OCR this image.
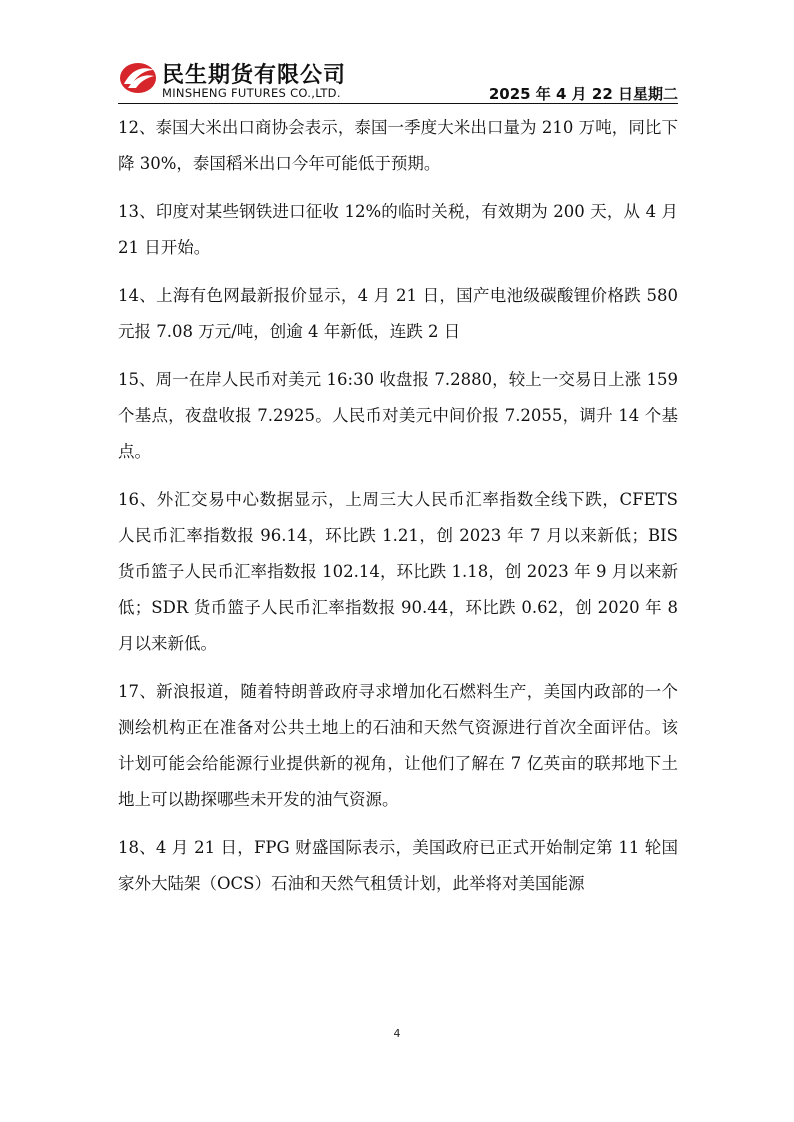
民生期货有限公司
MINSHENG FUTURES CO.,LTD.	2025 年 4 月 22 日星期二

12、泰国大米出口商协会表示，泰国一季度大米出口量为 210 万吨，同比下降 30%，泰国稻米出口今年可能低于预期。

13、印度对某些钢铁进口征收 12%的临时关税，有效期为 200 天，从 4 月 21 日开始。

14、上海有色网最新报价显示，4 月 21 日，国产电池级碳酸锂价格跌 580 元报 7.08 万元/吨，创逾 4 年新低，连跌 2 日

15、周一在岸人民币对美元 16:30 收盘报 7.2880，较上一交易日上涨 159 个基点，夜盘收报 7.2925。人民币对美元中间价报 7.2055，调升 14 个基点。

16、外汇交易中心数据显示，上周三大人民币汇率指数全线下跌，CFETS 人民币汇率指数报 96.14，环比跌 1.21，创 2023 年 7 月以来新低；BIS 货币篮子人民币汇率指数报 102.14，环比跌 1.18，创 2023 年 9 月以来新低；SDR 货币篮子人民币汇率指数报 90.44，环比跌 0.62，创 2020 年 8 月以来新低。

17、新浪报道，随着特朗普政府寻求增加化石燃料生产，美国内政部的一个测绘机构正在准备对公共土地上的石油和天然气资源进行首次全面评估。该计划可能会给能源行业提供新的视角，让他们了解在 7 亿英亩的联邦地下土地上可以勘探哪些未开发的油气资源。

18、4 月 21 日，FPG 财盛国际表示，美国政府已正式开始制定第 11 轮国家外大陆架（OCS）石油和天然气租赁计划，此举将对美国能源

4
